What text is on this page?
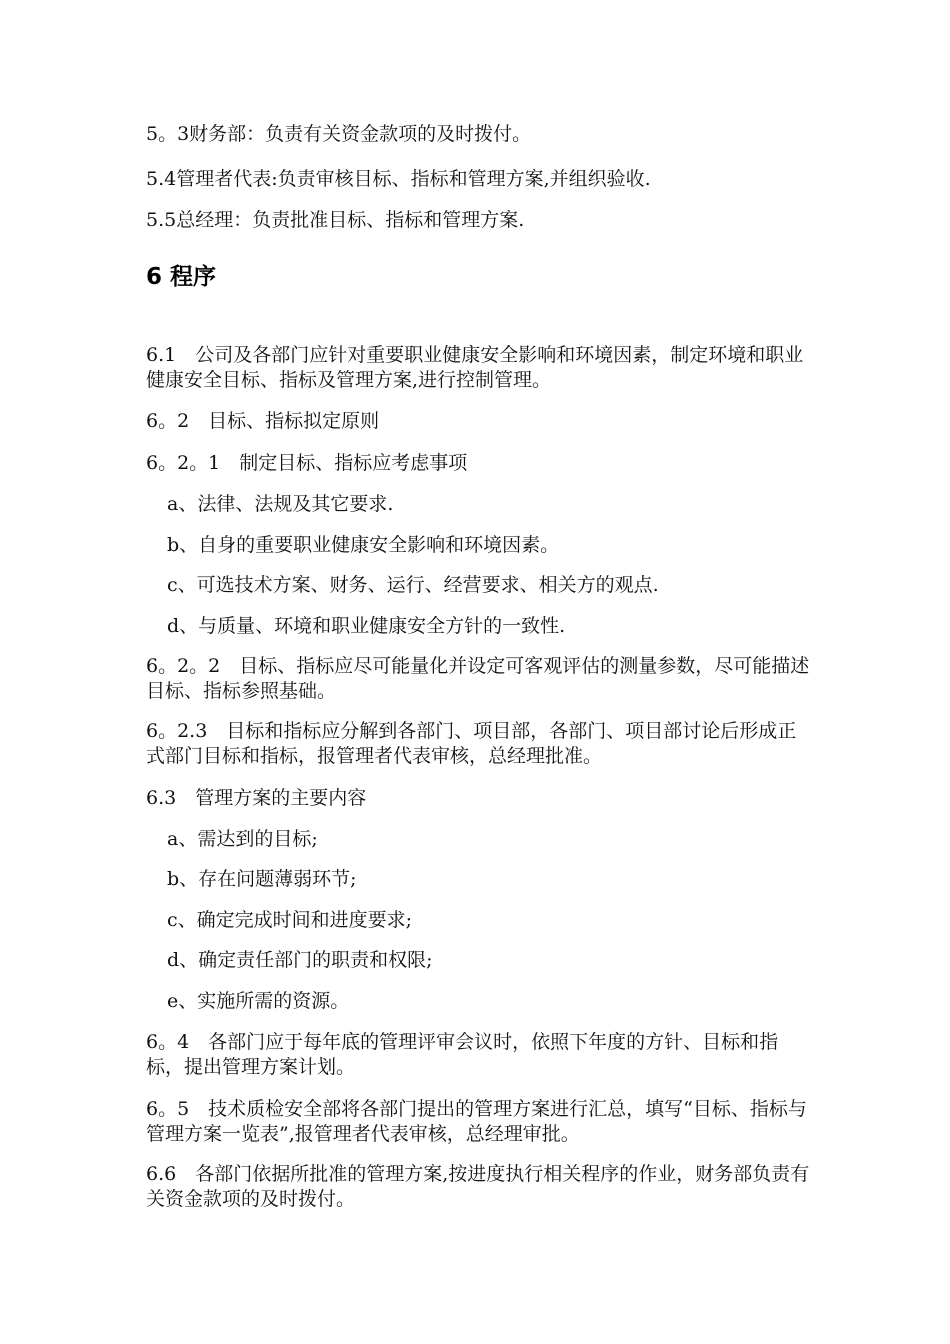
5。3财务部：负责有关资金款项的及时拨付。
5.4管理者代表:负责审核目标、指标和管理方案,并组织验收.
5.5总经理：负责批准目标、指标和管理方案.
6 程序
6.1　公司及各部门应针对重要职业健康安全影响和环境因素，制定环境和职业健康安全目标、指标及管理方案,进行控制管理。
6。2　目标、指标拟定原则
6。2。1　制定目标、指标应考虑事项
a、法律、法规及其它要求.
b、自身的重要职业健康安全影响和环境因素。
c、可选技术方案、财务、运行、经营要求、相关方的观点.
d、与质量、环境和职业健康安全方针的一致性.
6。2。2　目标、指标应尽可能量化并设定可客观评估的测量参数，尽可能描述目标、指标参照基础。
6。2.3　目标和指标应分解到各部门、项目部，各部门、项目部讨论后形成正式部门目标和指标，报管理者代表审核，总经理批准。
6.3　管理方案的主要内容
a、需达到的目标;
b、存在问题薄弱环节;
c、确定完成时间和进度要求;
d、确定责任部门的职责和权限;
e、实施所需的资源。
6。4　各部门应于每年底的管理评审会议时，依照下年度的方针、目标和指标，提出管理方案计划。
6。5　技术质检安全部将各部门提出的管理方案进行汇总，填写“目标、指标与管理方案一览表”,报管理者代表审核，总经理审批。
6.6　各部门依据所批准的管理方案,按进度执行相关程序的作业，财务部负责有关资金款项的及时拨付。
